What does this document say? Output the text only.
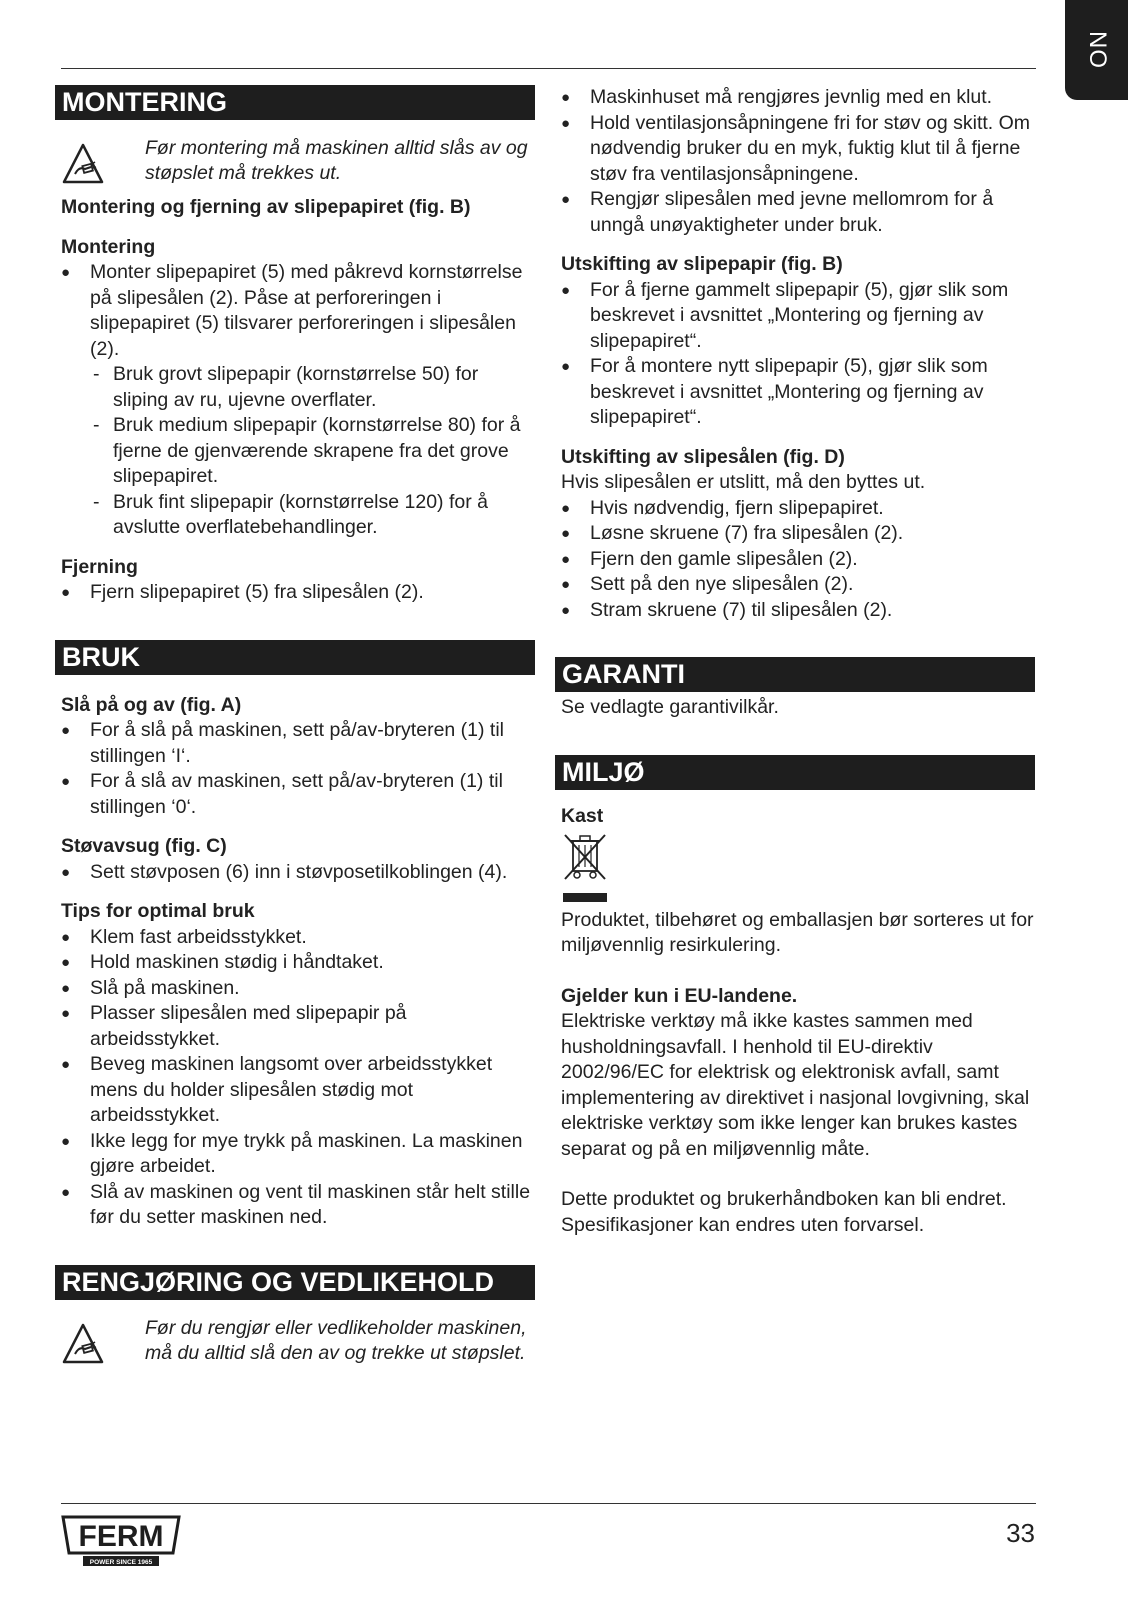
NO
MONTERING
Før montering må maskinen alltid slås av og støpslet må trekkes ut.
Montering og fjerning av slipepapiret (fig. B)
Montering
● Monter slipepapiret (5) med påkrevd kornstørrelse på slipesålen (2). Påse at perforeringen i slipepapiret (5) tilsvarer perforeringen i slipesålen (2).
- Bruk grovt slipepapir (kornstørrelse 50) for sliping av ru, ujevne overflater.
- Bruk medium slipepapir (kornstørrelse 80) for å fjerne de gjenværende skrapene fra det grove slipepapiret.
- Bruk fint slipepapir (kornstørrelse 120) for å avslutte overflatebehandlinger.
Fjerning
● Fjern slipepapiret (5) fra slipesålen (2).
BRUK
Slå på og av (fig. A)
● For å slå på maskinen, sett på/av-bryteren (1) til stillingen ‘I‘.
● For å slå av maskinen, sett på/av-bryteren (1) til stillingen ‘0‘.
Støvavsug (fig. C)
● Sett støvposen (6) inn i støvposetilkoblingen (4).
Tips for optimal bruk
● Klem fast arbeidsstykket.
● Hold maskinen stødig i håndtaket.
● Slå på maskinen.
● Plasser slipesålen med slipepapir på arbeidsstykket.
● Beveg maskinen langsomt over arbeidsstykket mens du holder slipesålen stødig mot arbeidsstykket.
● Ikke legg for mye trykk på maskinen. La maskinen gjøre arbeidet.
● Slå av maskinen og vent til maskinen står helt stille før du setter maskinen ned.
RENGJØRING OG VEDLIKEHOLD
Før du rengjør eller vedlikeholder maskinen, må du alltid slå den av og trekke ut støpslet.
● Maskinhuset må rengjøres jevnlig med en klut.
● Hold ventilasjonsåpningene fri for støv og skitt. Om nødvendig bruker du en myk, fuktig klut til å fjerne støv fra ventilasjonsåpningene.
● Rengjør slipesålen med jevne mellomrom for å unngå unøyaktigheter under bruk.
Utskifting av slipepapir (fig. B)
● For å fjerne gammelt slipepapir (5), gjør slik som beskrevet i avsnittet „Montering og fjerning av slipepapiret“.
● For å montere nytt slipepapir (5), gjør slik som beskrevet i avsnittet „Montering og fjerning av slipepapiret“.
Utskifting av slipesålen (fig. D)
Hvis slipesålen er utslitt, må den byttes ut.
● Hvis nødvendig, fjern slipepapiret.
● Løsne skruene (7) fra slipesålen (2).
● Fjern den gamle slipesålen (2).
● Sett på den nye slipesålen (2).
● Stram skruene (7) til slipesålen (2).
GARANTI
Se vedlagte garantivilkår.
MILJØ
Kast
Produktet, tilbehøret og emballasjen bør sorteres ut for miljøvennlig resirkulering.
Gjelder kun i EU-landene.
Elektriske verktøy må ikke kastes sammen med husholdningsavfall. I henhold til EU-direktiv 2002/96/EC for elektrisk og elektronisk avfall, samt implementering av direktivet i nasjonal lovgivning, skal elektriske verktøy som ikke lenger kan brukes kastes separat og på en miljøvennlig måte.
Dette produktet og brukerhåndboken kan bli endret. Spesifikasjoner kan endres uten forvarsel.
FERM
POWER SINCE 1965
33
